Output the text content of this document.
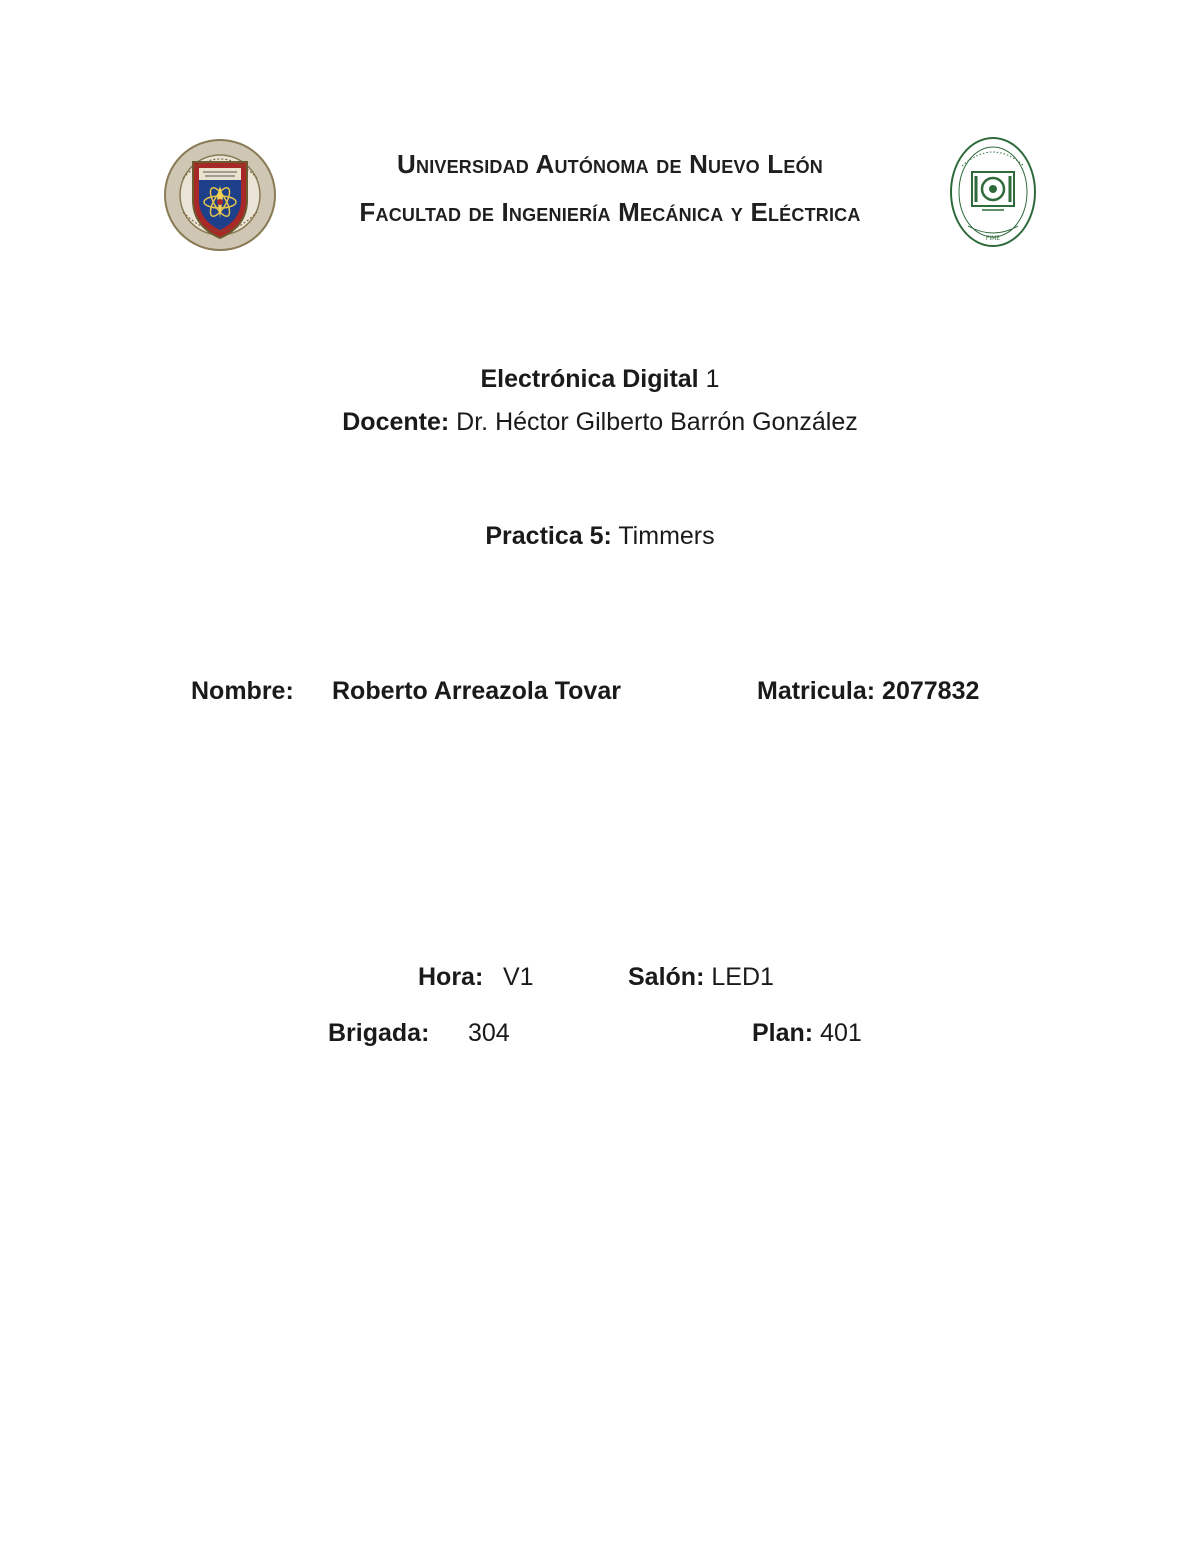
Universidad Autónoma de Nuevo León
Facultad de Ingeniería Mecánica y Eléctrica
FIME
Electrónica Digital 1
Docente: Dr. Héctor Gilberto Barrón González
Practica 5: Timmers
Nombre: Roberto Arreazola Tovar	Matricula: 2077832
Hora: V1	Salón: LED1
Brigada: 304	Plan: 401
